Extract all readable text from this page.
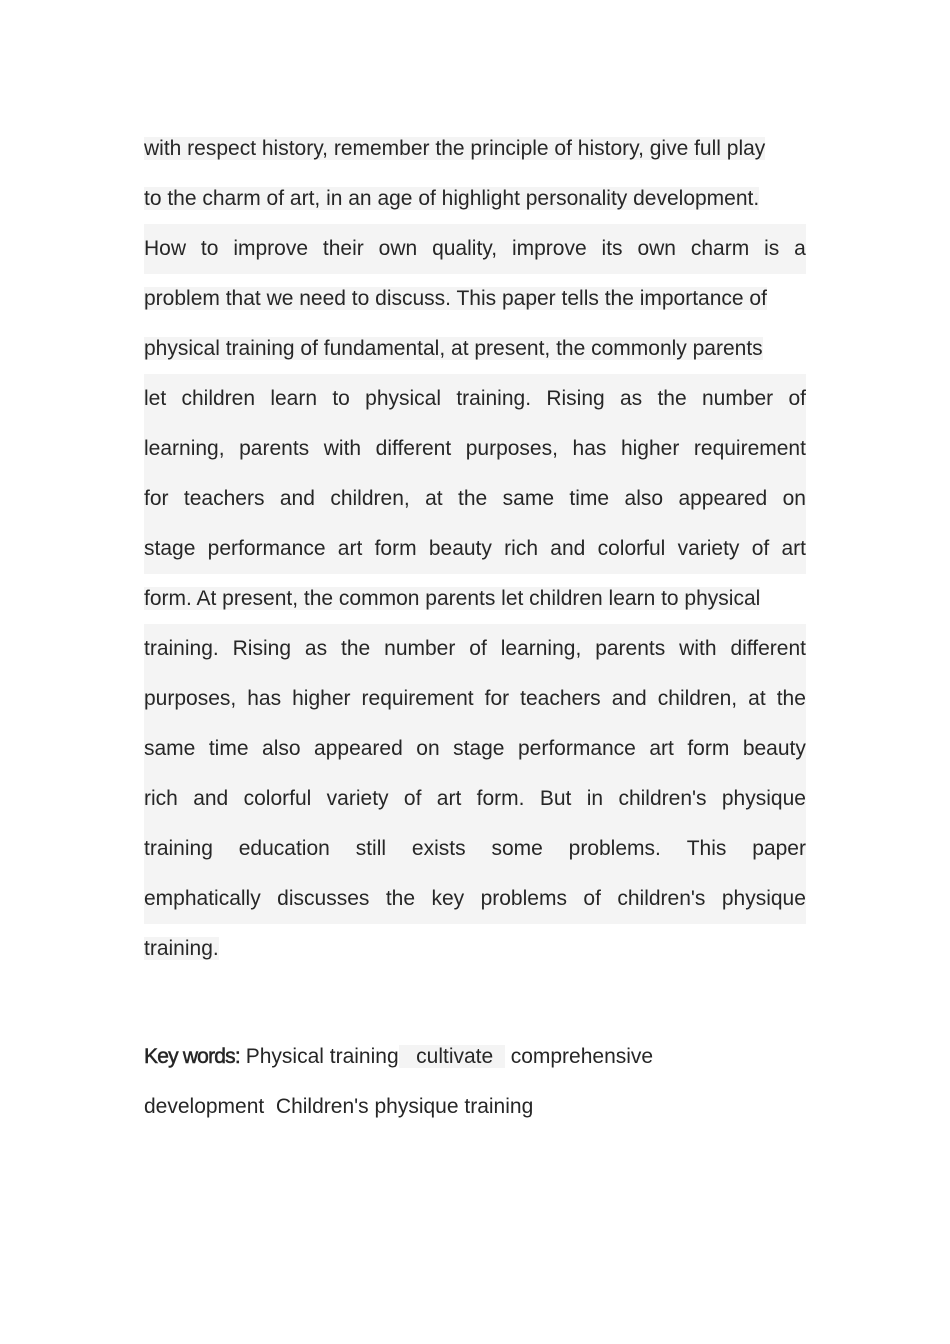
with respect history, remember the principle of history, give full play
to the charm of art, in an age of highlight personality development.
How to improve their own quality, improve its own charm is a
problem that we need to discuss. This paper tells the importance of
physical training of fundamental, at present, the commonly parents
let children learn to physical training. Rising as the number of
learning, parents with different purposes, has higher requirement
for teachers and children, at the same time also appeared on
stage performance art form beauty rich and colorful variety of art
form. At present, the common parents let children learn to physical
training. Rising as the number of learning, parents with different
purposes, has higher requirement for teachers and children, at the
same time also appeared on stage performance art form beauty
rich and colorful variety of art form. But in children's physique
training education still exists some problems. This paper
emphatically discusses the key problems of children's physique
training.
Key words: Physical training cultivate comprehensive
development Children's physique training
